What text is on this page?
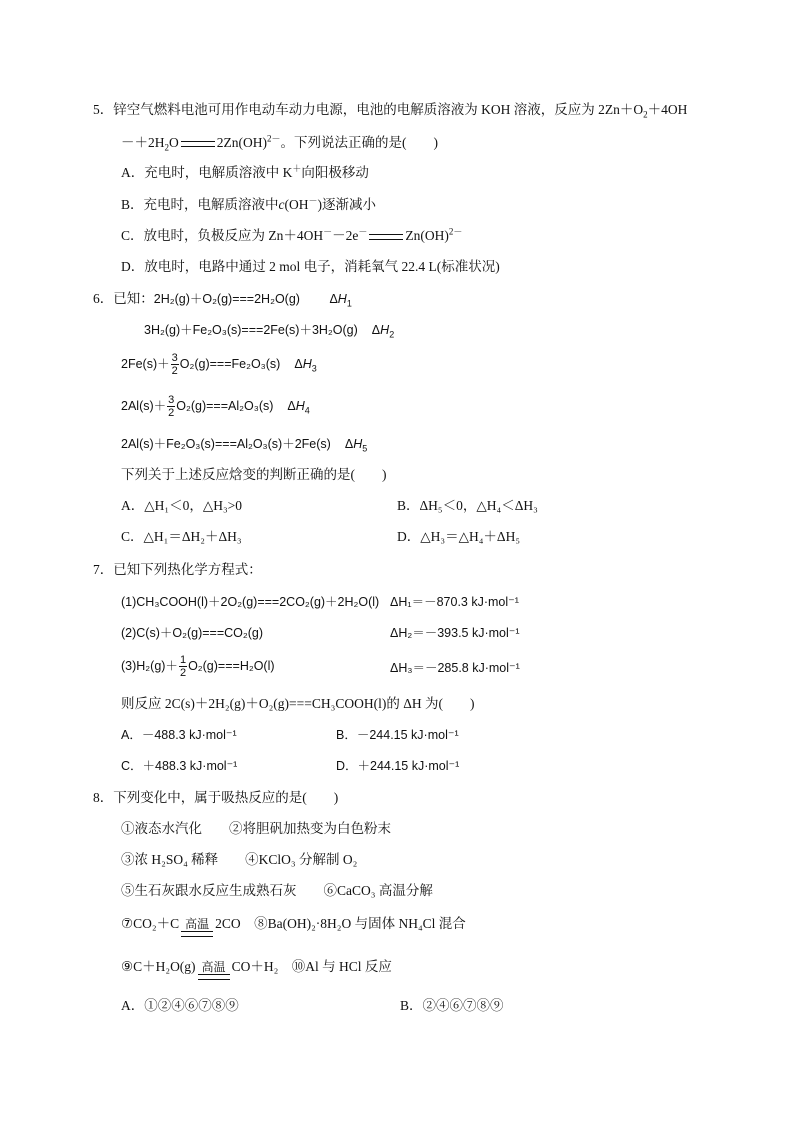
5．锌空气燃料电池可用作电动车动力电源，电池的电解质溶液为 KOH 溶液，反应为 $2Zn+O_2+4OH$
$-+2H_2O$	2Zn(OH)$^{2-}$。下列说法正确的是(　　)
A．充电时，电解质溶液中 K＋向阳极移动
B．充电时，电解质溶液中c(OH－)逐渐减小
C．放电时，负极反应为 Zn＋4OH－－2e－	Zn(OH)$^{2-}$
D．放电时，电路中通过 2 mol 电子，消耗氧气 22.4 L(标准状况)
6．已知：2H₂(g)＋O₂(g)===2H₂O(g) $\Delta H_1$
3H₂(g)＋Fe₂O₃(s)===2Fe(s)＋3H₂O(g) $\Delta H_2$
$2Fe(s)+ \frac{3}{2} O_2(g)===Fe_2O_3(s)$ $\Delta H_3$
$2Al(s)+ \frac{3}{2} O_2(g)===Al_2O_3(s)$ $\Delta H_4$
2Al(s)＋Fe₂O₃(s)===Al₂O₃(s)＋2Fe(s) $\Delta H_5$
下列关于上述反应焓变的判断正确的是(　　)
A．△H₁＜0，△H₃>0	B．ΔH₅＜0，△H₄＜ΔH₃
C．△H₁＝ΔH₂＋ΔH₃	D．△H₃＝△H₄＋ΔH₅
7．已知下列热化学方程式：
(1)CH₃COOH(l)＋2O₂(g)===2CO₂(g)＋2H₂O(l) ΔH₁＝－870.3 kJ·mol⁻¹
(2)C(s)＋O₂(g)===CO₂(g)	ΔH₂＝－393.5 kJ·mol⁻¹
$(3)H_2(g)+ \frac{1}{2} O_2(g)===H_2O(l)$	ΔH₃＝－285.8 kJ·mol⁻¹
则反应 2C(s)＋2H₂(g)＋O₂(g)===CH₃COOH(l)的 ΔH 为(　　)
A．－488.3 kJ·mol⁻¹	B．－244.15 kJ·mol⁻¹
C．＋488.3 kJ·mol⁻¹	D．＋244.15 kJ·mol⁻¹
8．下列变化中，属于吸热反应的是(　　)
①液态水汽化　　②将胆矾加热变为白色粉末
③浓 H₂SO₄ 稀释　　④KClO₃ 分解制 O₂
⑤生石灰跟水反应生成熟石灰　　⑥CaCO₃ 高温分解
⑦CO₂＋C 高温 2CO　⑧Ba(OH)₂·8H₂O 与固体 NH₄Cl 混合
⑨C＋H₂O(g) 高温 CO＋H₂　⑩Al 与 HCl 反应
A．①②④⑥⑦⑧⑨	B．②④⑥⑦⑧⑨
